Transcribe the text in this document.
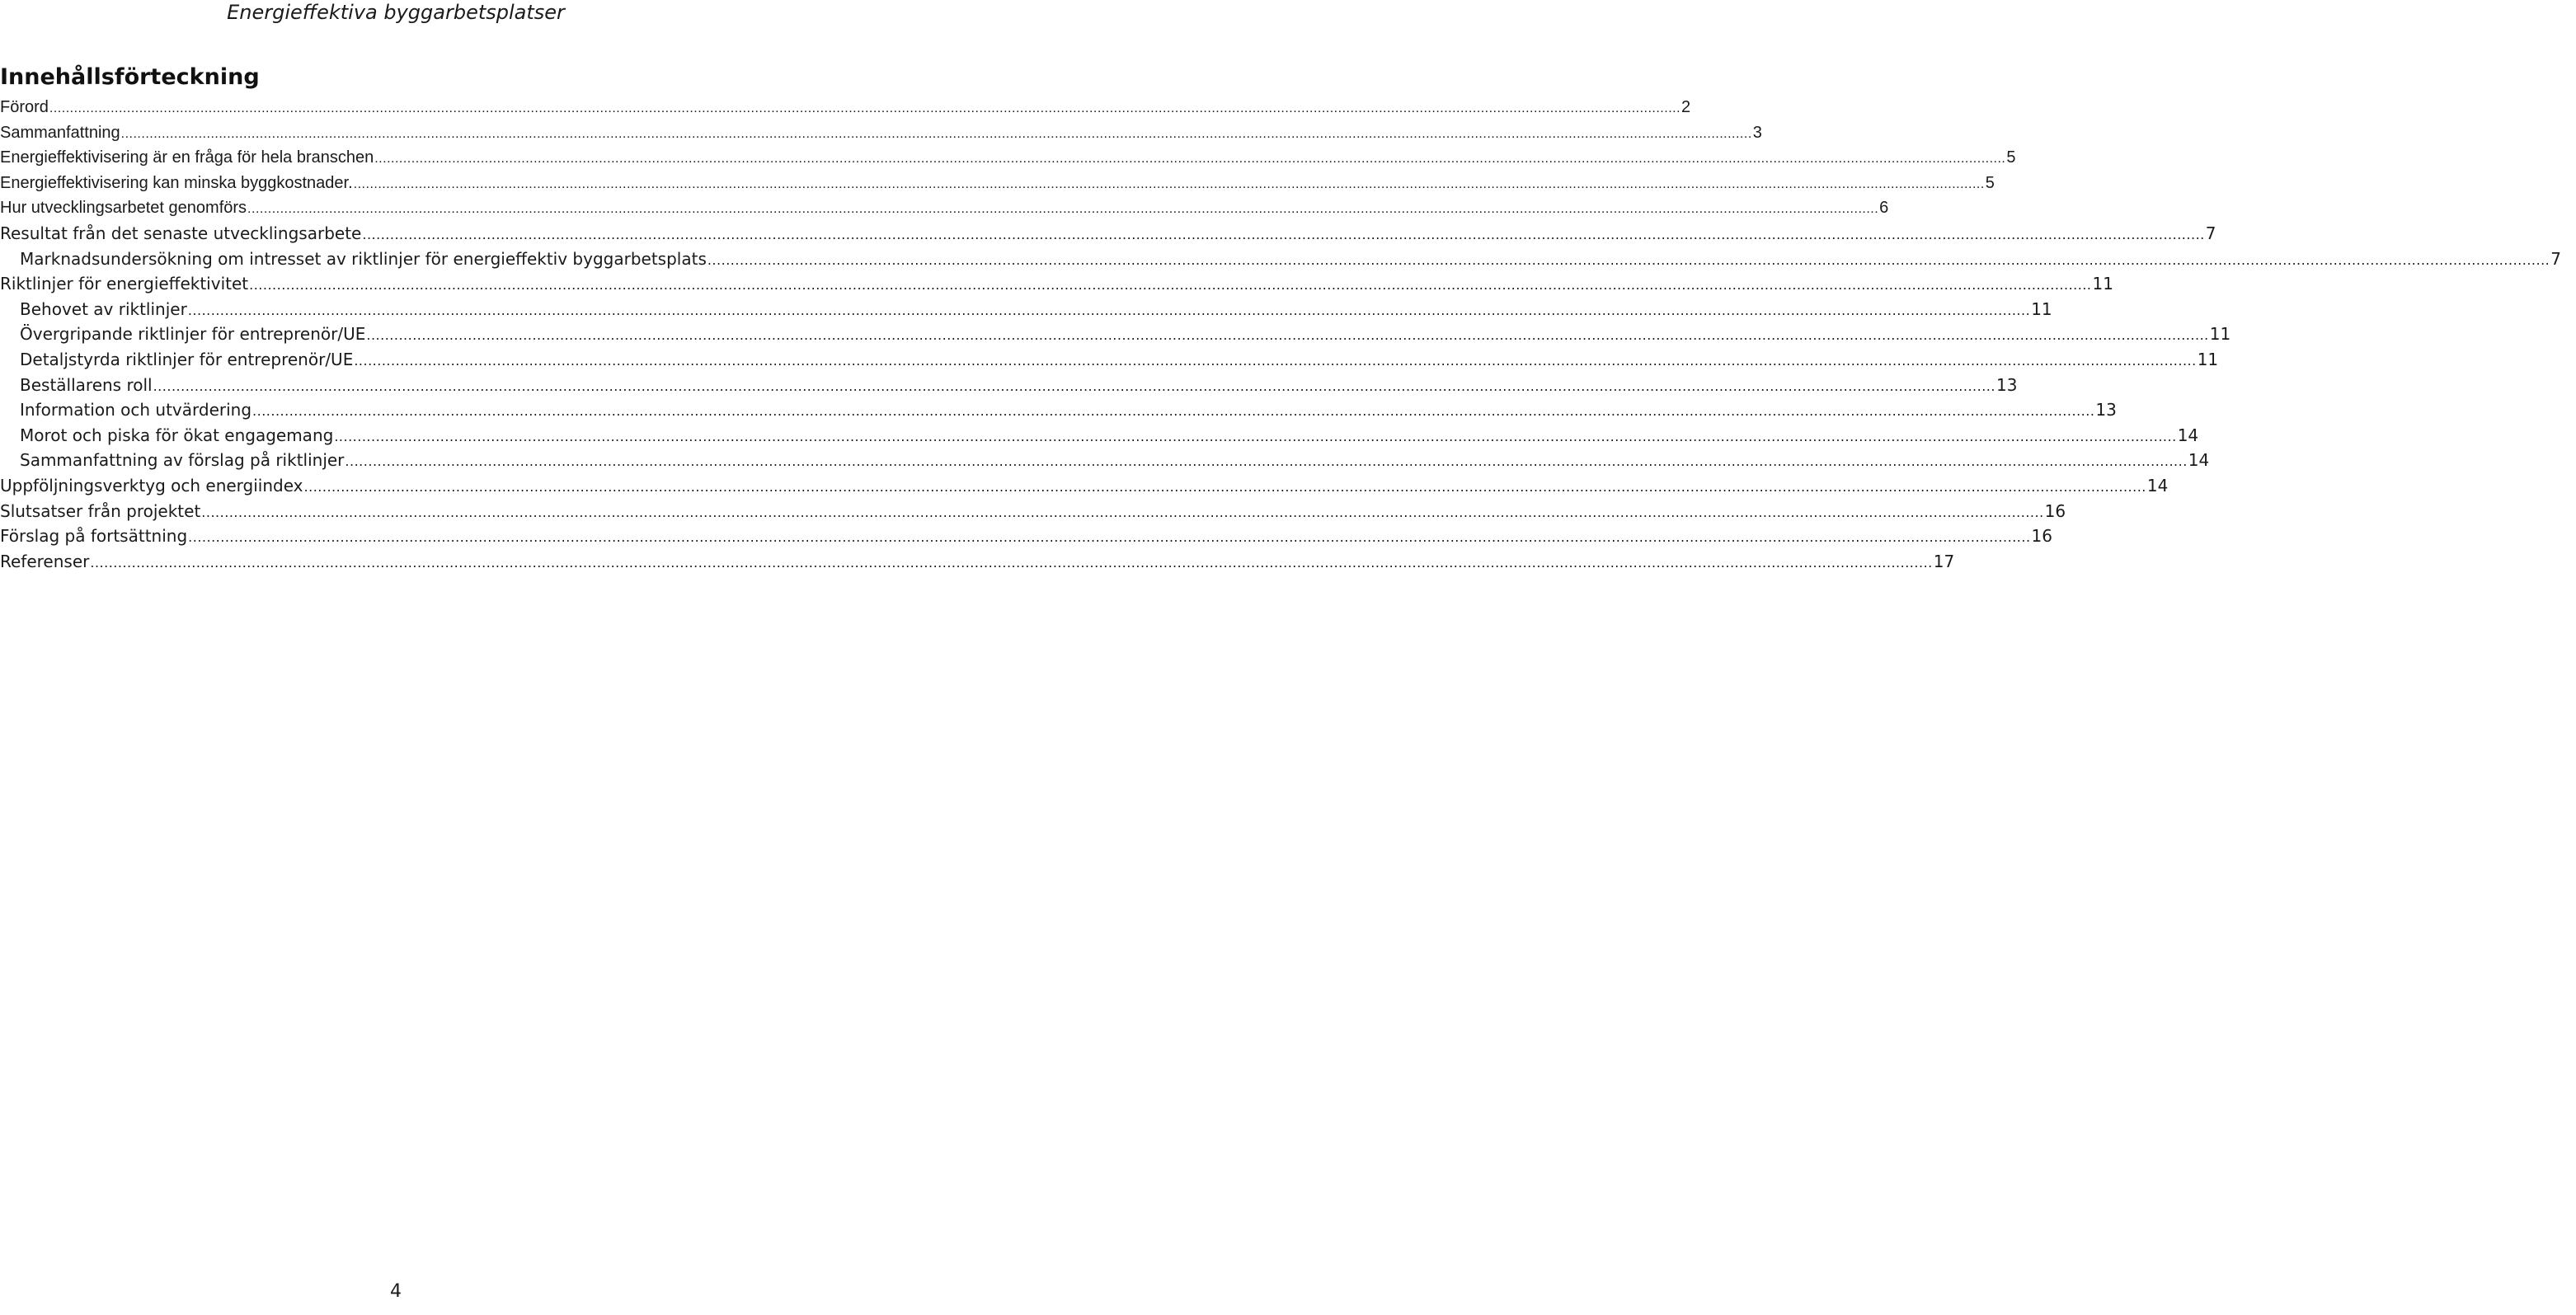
Energieffektiva byggarbetsplatser
Innehållsförteckning
Förord ................................................................................................................................................................................................................................................................................................................................................................................................................ 2
Sammanfattning ................................................................................................................................................................................................................................................................................................................................................................................................................ 3
Energieffektivisering är en fråga för hela branschen ................................................................................................................................................................................................................................................................................................................................................................................................................ 5
Energieffektivisering kan minska byggkostnader. ................................................................................................................................................................................................................................................................................................................................................................................................................ 5
Hur utvecklingsarbetet genomförs ................................................................................................................................................................................................................................................................................................................................................................................................................ 6
Resultat från det senaste utvecklingsarbete ................................................................................................................................................................................................................................................................................................................................................................................................................ 7
Marknadsundersökning om intresset av riktlinjer för energieffektiv byggarbetsplats ................................................................................................................................................................................................................................................................................................................................................................................................................ 7
Riktlinjer för energieffektivitet ................................................................................................................................................................................................................................................................................................................................................................................................................ 11
Behovet av riktlinjer ................................................................................................................................................................................................................................................................................................................................................................................................................ 11
Övergripande riktlinjer för entreprenör/UE ................................................................................................................................................................................................................................................................................................................................................................................................................ 11
Detaljstyrda riktlinjer för entreprenör/UE ................................................................................................................................................................................................................................................................................................................................................................................................................ 11
Beställarens roll ................................................................................................................................................................................................................................................................................................................................................................................................................ 13
Information och utvärdering ................................................................................................................................................................................................................................................................................................................................................................................................................ 13
Morot och piska för ökat engagemang ................................................................................................................................................................................................................................................................................................................................................................................................................ 14
Sammanfattning av förslag på riktlinjer ................................................................................................................................................................................................................................................................................................................................................................................................................ 14
Uppföljningsverktyg och energiindex ................................................................................................................................................................................................................................................................................................................................................................................................................ 14
Slutsatser från projektet ................................................................................................................................................................................................................................................................................................................................................................................................................ 16
Förslag på fortsättning ................................................................................................................................................................................................................................................................................................................................................................................................................ 16
Referenser ................................................................................................................................................................................................................................................................................................................................................................................................................ 17
4
